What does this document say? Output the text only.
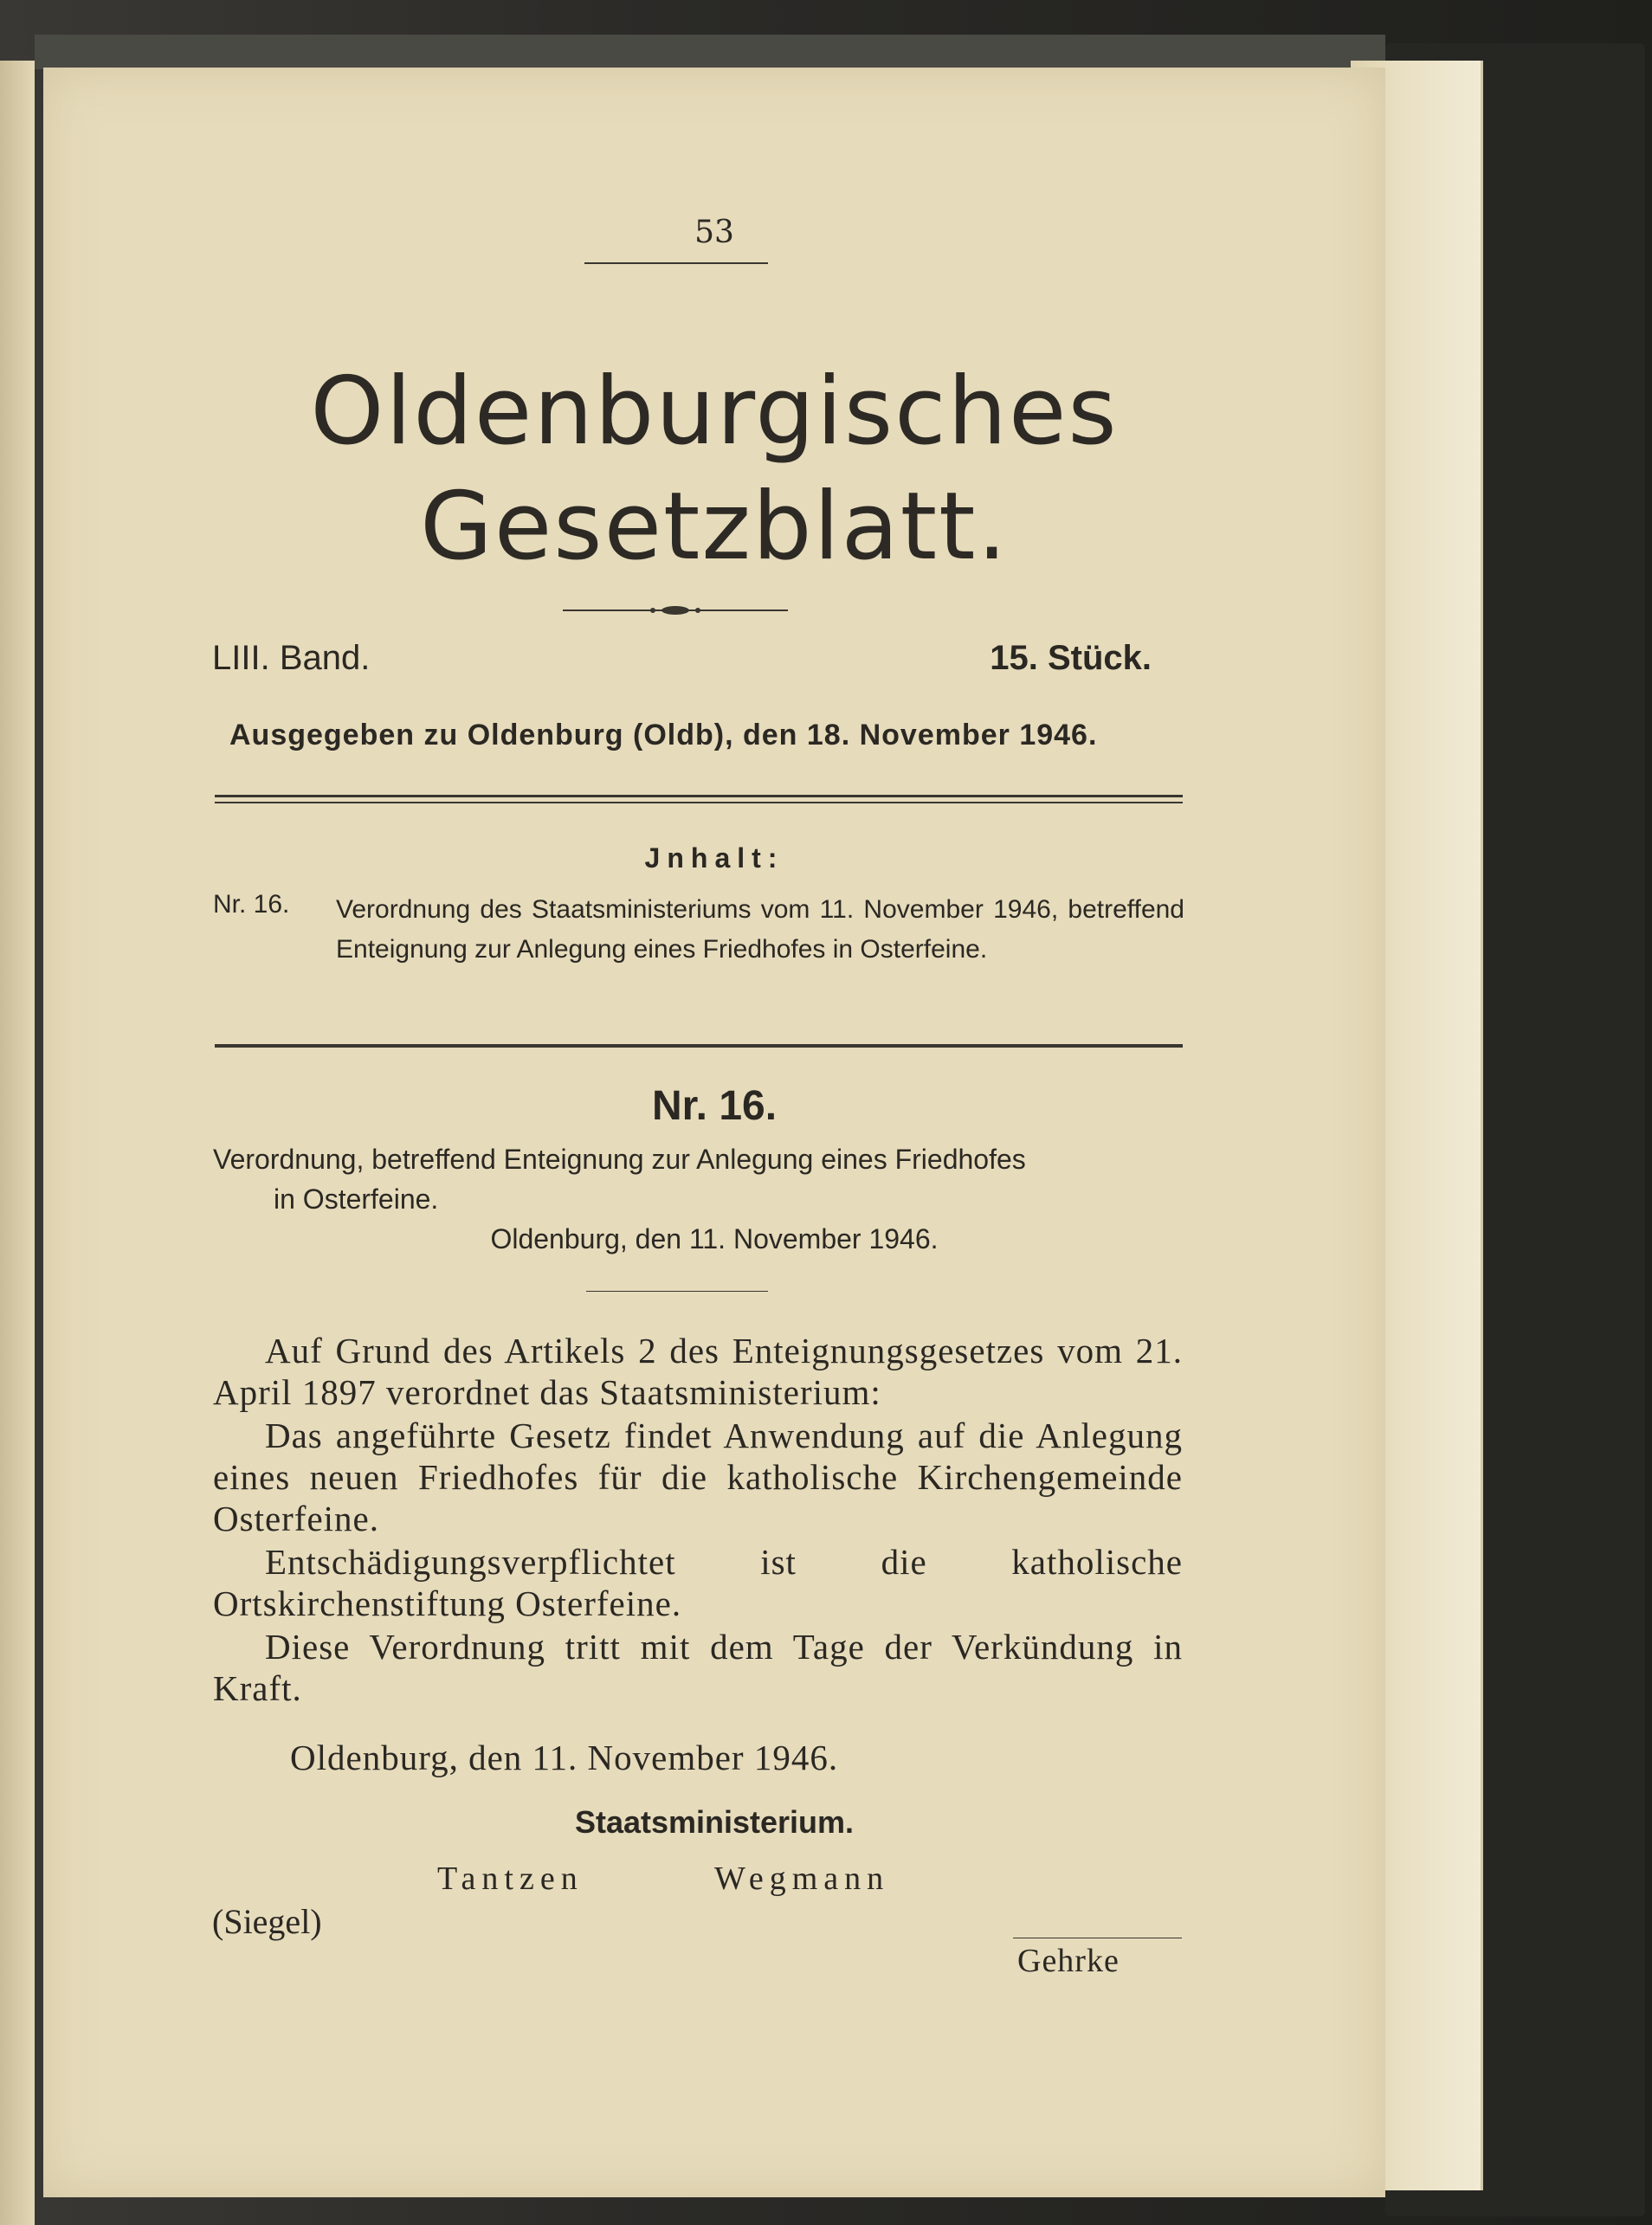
53
Oldenburgisches
Gesetzblatt.
LIII. Band.	15. Stück.
Ausgegeben zu Oldenburg (Oldb), den 18. November 1946.
Jnhalt:
Nr. 16. Verordnung des Staatsministeriums vom 11. November 1946, betreffend Enteignung zur Anlegung eines Friedhofes in Osterfeine.
Nr. 16.
Verordnung, betreffend Enteignung zur Anlegung eines Friedhofes
in Osterfeine.
Oldenburg, den 11. November 1946.

Auf Grund des Artikels 2 des Enteignungsgesetzes vom 21. April 1897 verordnet das Staatsministerium:

Das angeführte Gesetz findet Anwendung auf die Anlegung eines neuen Friedhofes für die katholische Kirchengemeinde Osterfeine.

Entschädigungsverpflichtet ist die katholische Ortskirchenstiftung Osterfeine.

Diese Verordnung tritt mit dem Tage der Verkündung in Kraft.

Oldenburg, den 11. November 1946.
Staatsministerium.
Tantzen	Wegmann
(Siegel)
Gehrke
